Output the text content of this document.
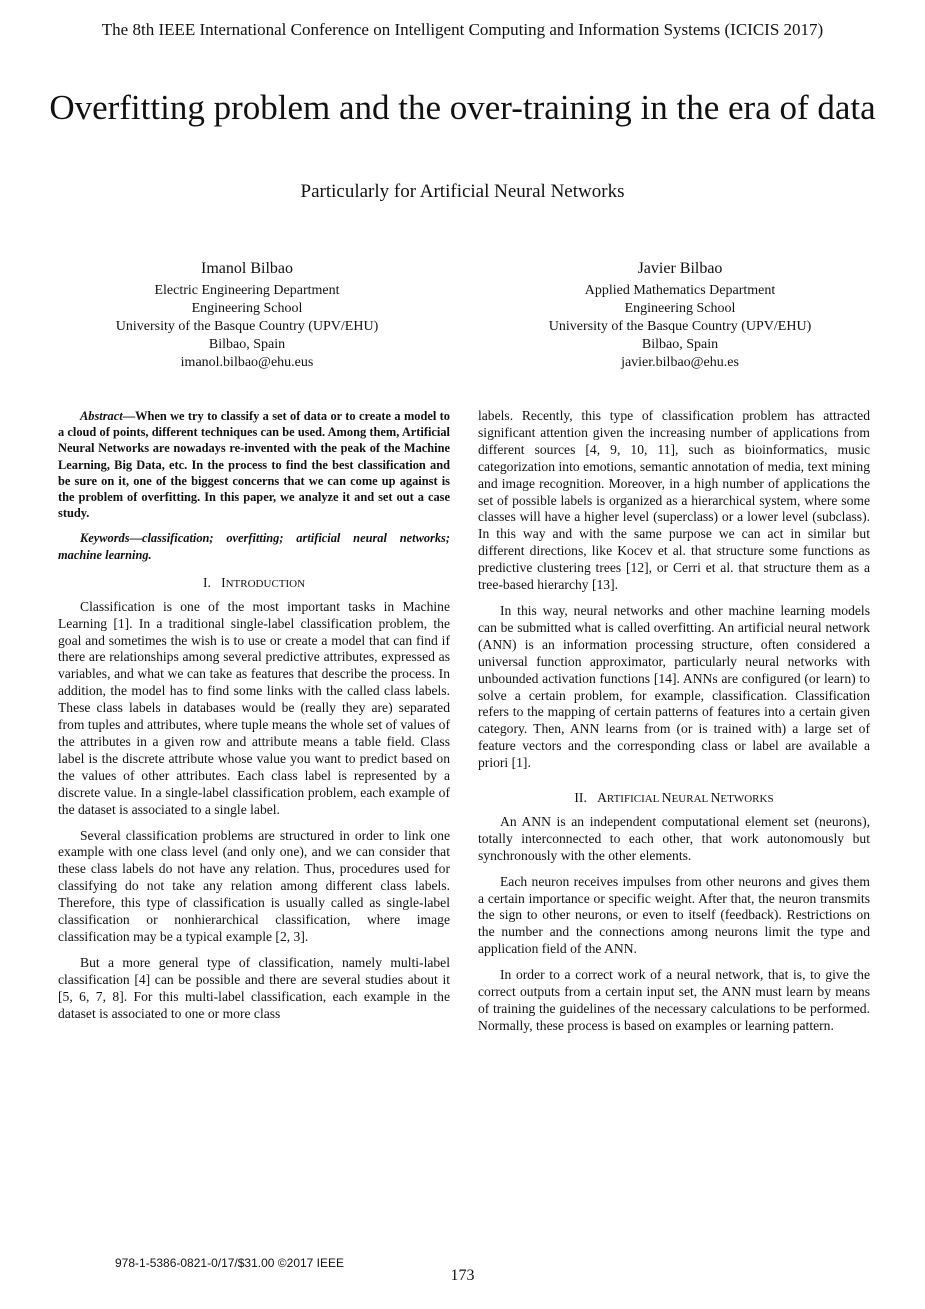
The 8th IEEE International Conference on Intelligent Computing and Information Systems (ICICIS 2017)
Overfitting problem and the over-training in the era of data
Particularly for Artificial Neural Networks
Imanol Bilbao
Electric Engineering Department
Engineering School
University of the Basque Country (UPV/EHU)
Bilbao, Spain
imanol.bilbao@ehu.eus
Javier Bilbao
Applied Mathematics Department
Engineering School
University of the Basque Country (UPV/EHU)
Bilbao, Spain
javier.bilbao@ehu.es

Abstract—When we try to classify a set of data or to create a model to a cloud of points, different techniques can be used. Among them, Artificial Neural Networks are nowadays re-invented with the peak of the Machine Learning, Big Data, etc. In the process to find the best classification and be sure on it, one of the biggest concerns that we can come up against is the problem of overfitting. In this paper, we analyze it and set out a case study.

Keywords—classification; overfitting; artificial neural networks; machine learning.

I. INTRODUCTION

Classification is one of the most important tasks in Machine Learning [1]. In a traditional single-label classification problem, the goal and sometimes the wish is to use or create a model that can find if there are relationships among several predictive attributes, expressed as variables, and what we can take as features that describe the process. In addition, the model has to find some links with the called class labels. These class labels in databases would be (really they are) separated from tuples and attributes, where tuple means the whole set of values of the attributes in a given row and attribute means a table field. Class label is the discrete attribute whose value you want to predict based on the values of other attributes. Each class label is represented by a discrete value. In a single-label classification problem, each example of the dataset is associated to a single label.

Several classification problems are structured in order to link one example with one class level (and only one), and we can consider that these class labels do not have any relation. Thus, procedures used for classifying do not take any relation among different class labels. Therefore, this type of classification is usually called as single-label classification or nonhierarchical classification, where image classification may be a typical example [2, 3].

But a more general type of classification, namely multi-label classification [4] can be possible and there are several studies about it [5, 6, 7, 8]. For this multi-label classification, each example in the dataset is associated to one or more class

labels. Recently, this type of classification problem has attracted significant attention given the increasing number of applications from different sources [4, 9, 10, 11], such as bioinformatics, music categorization into emotions, semantic annotation of media, text mining and image recognition. Moreover, in a high number of applications the set of possible labels is organized as a hierarchical system, where some classes will have a higher level (superclass) or a lower level (subclass). In this way and with the same purpose we can act in similar but different directions, like Kocev et al. that structure some functions as predictive clustering trees [12], or Cerri et al. that structure them as a tree-based hierarchy [13].

In this way, neural networks and other machine learning models can be submitted what is called overfitting. An artificial neural network (ANN) is an information processing structure, often considered a universal function approximator, particularly neural networks with unbounded activation functions [14]. ANNs are configured (or learn) to solve a certain problem, for example, classification. Classification refers to the mapping of certain patterns of features into a certain given category. Then, ANN learns from (or is trained with) a large set of feature vectors and the corresponding class or label are available a priori [1].

II. ARTIFICIAL NEURAL NETWORKS

An ANN is an independent computational element set (neurons), totally interconnected to each other, that work autonomously but synchronously with the other elements.

Each neuron receives impulses from other neurons and gives them a certain importance or specific weight. After that, the neuron transmits the sign to other neurons, or even to itself (feedback). Restrictions on the number and the connections among neurons limit the type and application field of the ANN.

In order to a correct work of a neural network, that is, to give the correct outputs from a certain input set, the ANN must learn by means of training the guidelines of the necessary calculations to be performed. Normally, these process is based on examples or learning pattern.

978-1-5386-0821-0/17/$31.00 ©2017 IEEE
173
